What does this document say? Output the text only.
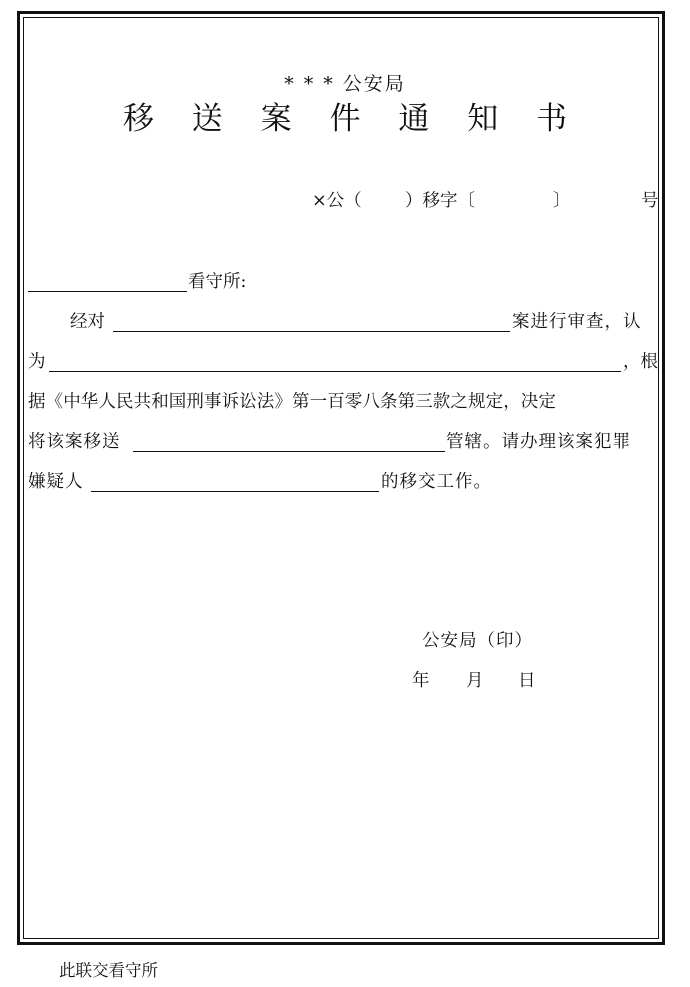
* * * 公安局
移 送 案 件 通 知 书
×公（ ）移字〔	〕	号
看守所:
经对	案进行审查，认
为	，根
据《中华人民共和国刑事诉讼法》第一百零八条第三款之规定，决定
将该案移送	管辖。请办理该案犯罪
嫌疑人	的移交工作。
公安局（印）
年 月 日
此联交看守所
